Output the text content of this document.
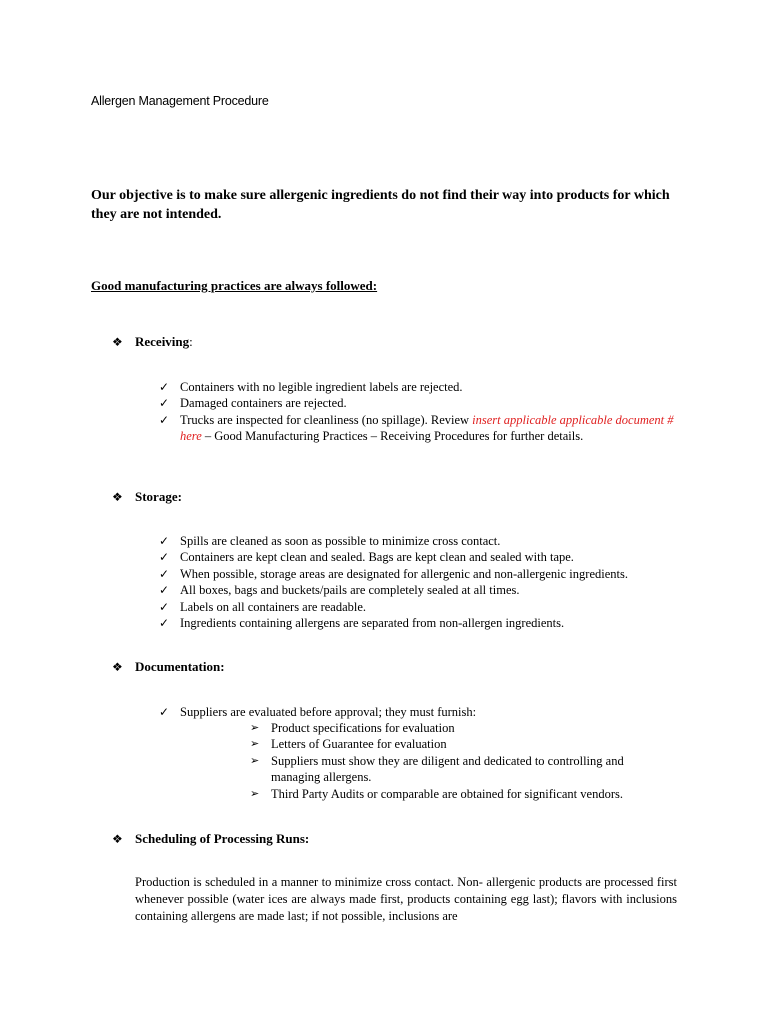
Allergen Management Procedure
Our objective is to make sure allergenic ingredients do not find their way into products for which they are not intended.
Good manufacturing practices are always followed:
❖ Receiving:
✓ Containers with no legible ingredient labels are rejected.
✓ Damaged containers are rejected.
✓ Trucks are inspected for cleanliness (no spillage). Review insert applicable applicable document # here – Good Manufacturing Practices – Receiving Procedures for further details.
❖ Storage:
✓ Spills are cleaned as soon as possible to minimize cross contact.
✓ Containers are kept clean and sealed. Bags are kept clean and sealed with tape.
✓ When possible, storage areas are designated for allergenic and non-allergenic ingredients.
✓ All boxes, bags and buckets/pails are completely sealed at all times.
✓ Labels on all containers are readable.
✓ Ingredients containing allergens are separated from non-allergen ingredients.
❖ Documentation:
✓ Suppliers are evaluated before approval; they must furnish:
➢ Product specifications for evaluation
➢ Letters of Guarantee for evaluation
➢ Suppliers must show they are diligent and dedicated to controlling and managing allergens.
➢ Third Party Audits or comparable are obtained for significant vendors.
❖ Scheduling of Processing Runs:
Production is scheduled in a manner to minimize cross contact. Non- allergenic products are processed first whenever possible (water ices are always made first, products containing egg last); flavors with inclusions containing allergens are made last; if not possible, inclusions are
